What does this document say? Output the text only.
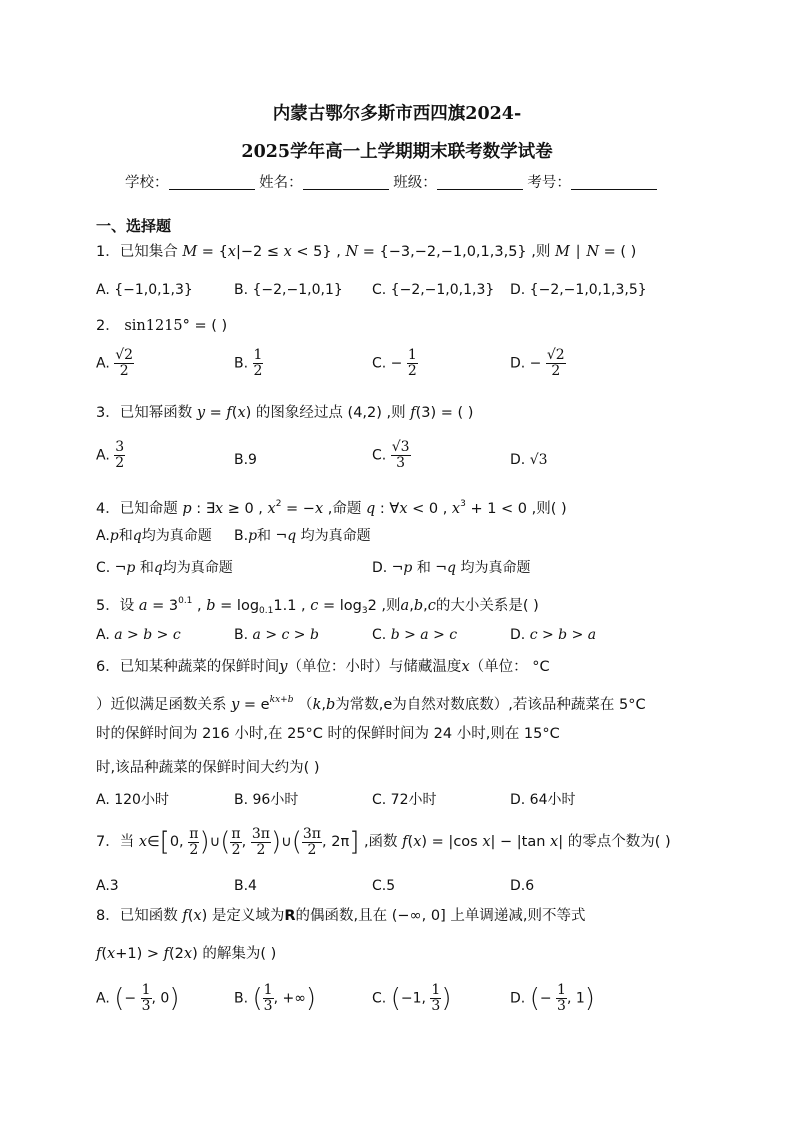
内蒙古鄂尔多斯市西四旗2024-
2025学年高一上学期期末联考数学试卷
学校：	姓名：	班级：	考号：
一、选择题
1．已知集合 M = {x|−2 ≤ x < 5} , N = {−3,−2,−1,0,1,3,5} ,则 M ∣ N = ( )
A. {−1,0,1,3}	B. {−2,−1,0,1} C. {−2,−1,0,1,3} D. {−2,−1,0,1,3,5}
2． sin1215° = ( )
A. $\frac{√2}{2}$	B. $\frac{1}{2}$	C. − $\frac{1}{2}$	D. − $\frac{√2}{2}$
3．已知幂函数 y = f(x) 的图象经过点 (4,2) ,则 f(3) = ( )
A. $\frac{3}{2}$	B.9	C. $\frac{√3}{3}$	D. √3
4．已知命题 p : ∃x ≥ 0 , $x^2 = -x$ ,命题 q : ∀x < 0 , $x^3 + 1 < 0$ ,则( )
A.p和q均为真命题 B.p和 ¬q 均为真命题
C. ¬p 和q均为真命题	D. ¬p 和 ¬q 均为真命题
5．设 $a = 3^{0.1}$ , $b = \log_{0.1}1.1$ , $c = \log_32$ ,则a,b,c的大小关系是( )
A. a > b > c	B. a > c > b	C. b > a > c	D. c > b > a
6．已知某种蔬菜的保鲜时间y（单位：小时）与储藏温度x（单位： °C
）近似满足函数关系 $y = e^{kx+b}$ （k,b为常数,e为自然对数底数）,若该品种蔬菜在 5°C
时的保鲜时间为 216 小时,在 25°C 时的保鲜时间为 24 小时,则在 15°C
时,该品种蔬菜的保鲜时间大约为( )
A. 120小时	B. 96小时	C. 72小时	D. 64小时
7．当 x∈[0, $\frac{\pi}{2}$ )∪( $\frac{\pi}{2}$ , $\frac{3\pi}{2}$ )∪( $\frac{3\pi}{2}$ , 2π] ,函数 f(x) = |cos x| − |tan x| 的零点个数为( )
A.3	B.4	C.5	D.6
8．已知函数 f(x) 是定义域为R的偶函数,且在 (−∞, 0] 上单调递减,则不等式
f(x+1) > f(2x) 的解集为( )
A. (− $\frac{1}{3}$ , 0)	B. ( $\frac{1}{3}$ , +∞)	C. (−1, $\frac{1}{3}$ )	D. (− $\frac{1}{3}$ , 1)
